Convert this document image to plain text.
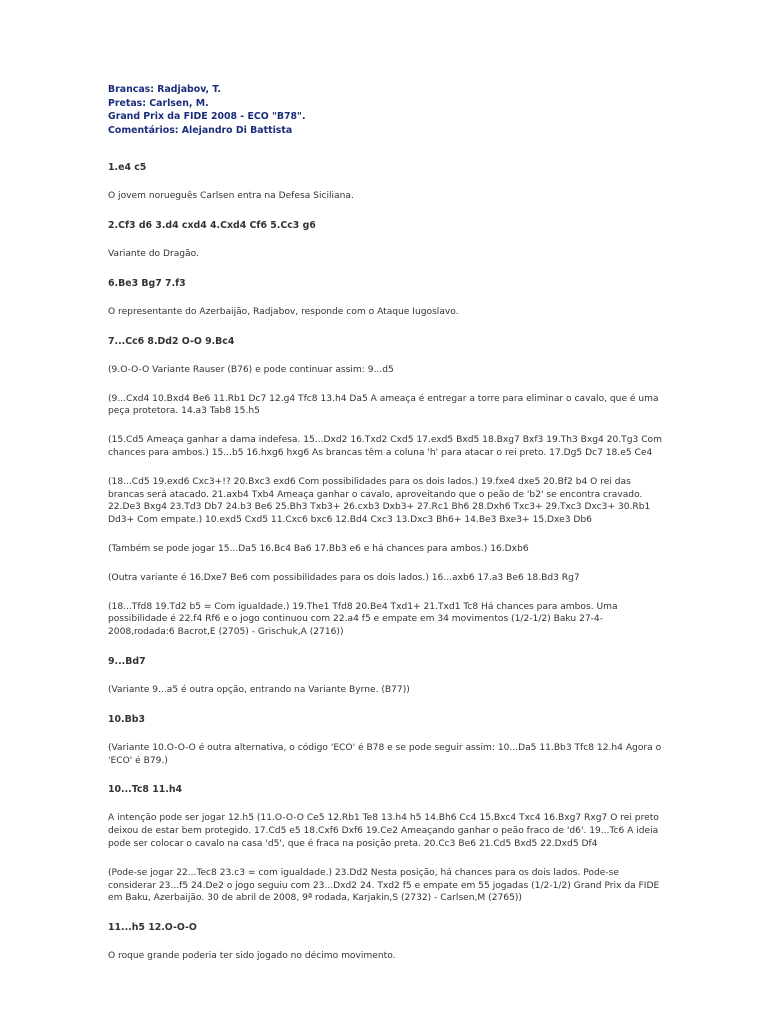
Brancas: Radjabov, T.
Pretas: Carlsen, M.
Grand Prix da FIDE 2008 - ECO "B78".
Comentários: Alejandro Di Battista

1.e4 c5

O jovem norueguês Carlsen entra na Defesa Siciliana.

2.Cf3 d6 3.d4 cxd4 4.Cxd4 Cf6 5.Cc3 g6

Variante do Dragão.

6.Be3 Bg7 7.f3

O representante do Azerbaijão, Radjabov, responde com o Ataque Iugoslavo.

7...Cc6 8.Dd2 O-O 9.Bc4

(9.O-O-O Variante Rauser (B76) e pode continuar assim: 9...d5

(9...Cxd4 10.Bxd4 Be6 11.Rb1 Dc7 12.g4 Tfc8 13.h4 Da5 A ameaça é entregar a torre para eliminar o cavalo, que é uma peça protetora. 14.a3 Tab8 15.h5

(15.Cd5 Ameaça ganhar a dama indefesa. 15...Dxd2 16.Txd2 Cxd5 17.exd5 Bxd5 18.Bxg7 Bxf3 19.Th3 Bxg4 20.Tg3 Com chances para ambos.) 15...b5 16.hxg6 hxg6 As brancas têm a coluna 'h' para atacar o rei preto. 17.Dg5 Dc7 18.e5 Ce4

(18...Cd5 19.exd6 Cxc3+!? 20.Bxc3 exd6 Com possibilidades para os dois lados.) 19.fxe4 dxe5 20.Bf2 b4 O rei das brancas será atacado. 21.axb4 Txb4 Ameaça ganhar o cavalo, aproveitando que o peão de 'b2' se encontra cravado. 22.De3 Bxg4 23.Td3 Db7 24.b3 Be6 25.Bh3 Txb3+ 26.cxb3 Dxb3+ 27.Rc1 Bh6 28.Dxh6 Txc3+ 29.Txc3 Dxc3+ 30.Rb1 Dd3+ Com empate.) 10.exd5 Cxd5 11.Cxc6 bxc6 12.Bd4 Cxc3 13.Dxc3 Bh6+ 14.Be3 Bxe3+ 15.Dxe3 Db6

(Também se pode jogar 15...Da5 16.Bc4 Ba6 17.Bb3 e6 e há chances para ambos.) 16.Dxb6

(Outra variante é 16.Dxe7 Be6 com possibilidades para os dois lados.) 16...axb6 17.a3 Be6 18.Bd3 Rg7

(18...Tfd8 19.Td2 b5 = Com igualdade.) 19.The1 Tfd8 20.Be4 Txd1+ 21.Txd1 Tc8 Há chances para ambos. Uma possibilidade é 22.f4 Rf6 e o jogo continuou com 22.a4 f5 e empate em 34 movimentos (1/2-1/2) Baku 27-4-2008,rodada:6 Bacrot,E (2705) - Grischuk,A (2716))

9...Bd7

(Variante 9...a5 é outra opção, entrando na Variante Byrne. (B77))

10.Bb3

(Variante 10.O-O-O é outra alternativa, o código 'ECO' é B78 e se pode seguir assim: 10...Da5 11.Bb3 Tfc8 12.h4 Agora o 'ECO' é B79.)

10...Tc8 11.h4

A intenção pode ser jogar 12.h5 (11.O-O-O Ce5 12.Rb1 Te8 13.h4 h5 14.Bh6 Cc4 15.Bxc4 Txc4 16.Bxg7 Rxg7 O rei preto deixou de estar bem protegido. 17.Cd5 e5 18.Cxf6 Dxf6 19.Ce2 Ameaçando ganhar o peão fraco de 'd6'. 19...Tc6 A ideia pode ser colocar o cavalo na casa 'd5', que é fraca na posição preta. 20.Cc3 Be6 21.Cd5 Bxd5 22.Dxd5 Df4

(Pode-se jogar 22...Tec8 23.c3 = com igualdade.) 23.Dd2 Nesta posição, há chances para os dois lados. Pode-se considerar 23...f5 24.De2 o jogo seguiu com 23...Dxd2 24. Txd2 f5 e empate em 55 jogadas (1/2-1/2) Grand Prix da FIDE em Baku, Azerbaijão. 30 de abril de 2008, 9ª rodada, Karjakin,S (2732) - Carlsen,M (2765))

11...h5 12.O-O-O

O roque grande poderia ter sido jogado no décimo movimento.
